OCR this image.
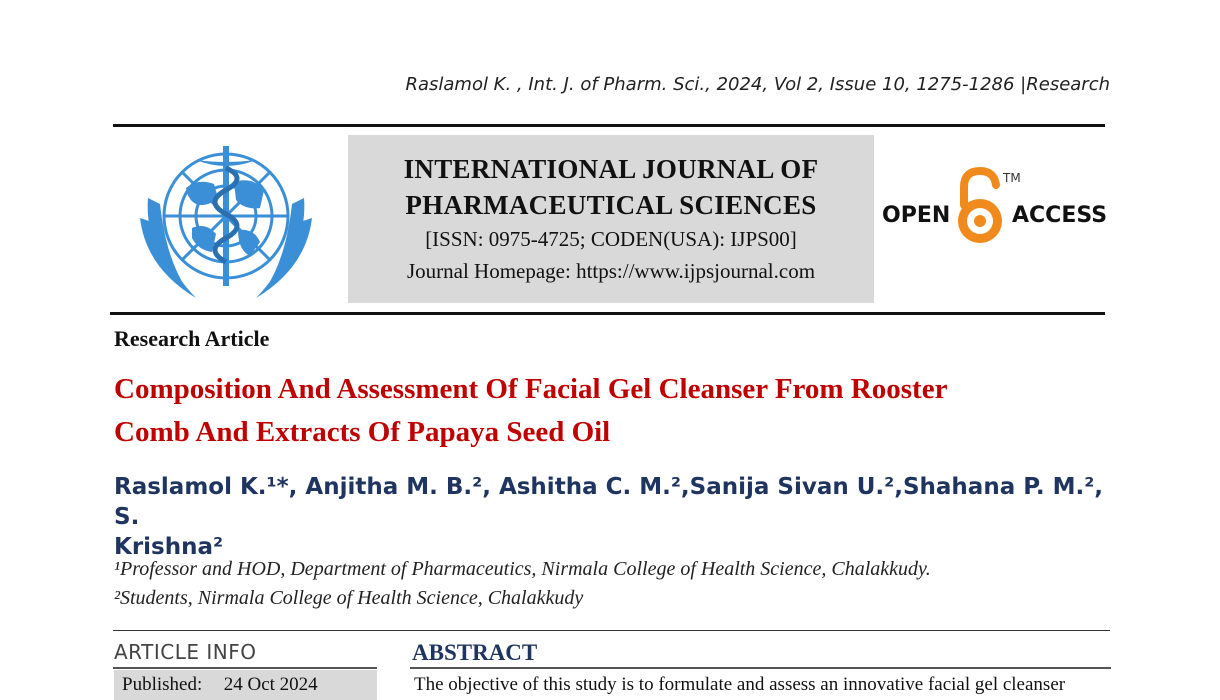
Raslamol K. , Int. J. of Pharm. Sci., 2024, Vol 2, Issue 10, 1275-1286 |Research
INTERNATIONAL JOURNAL OF
PHARMACEUTICAL SCIENCES
[ISSN: 0975-4725; CODEN(USA): IJPS00]
Journal Homepage: https://www.ijpsjournal.com
OPEN
TM
ACCESS
Research Article
Composition And Assessment Of Facial Gel Cleanser From Rooster
Comb And Extracts Of Papaya Seed Oil
Raslamol K.¹*, Anjitha M. B.², Ashitha C. M.²,Sanija Sivan U.²,Shahana P. M.², S.
Krishna²
¹Professor and HOD, Department of Pharmaceutics, Nirmala College of Health Science, Chalakkudy.
²Students, Nirmala College of Health Science, Chalakkudy
ARTICLE INFO	ABSTRACT
Published: 24 Oct 2024	The objective of this study is to formulate and assess an innovative facial gel cleanser
